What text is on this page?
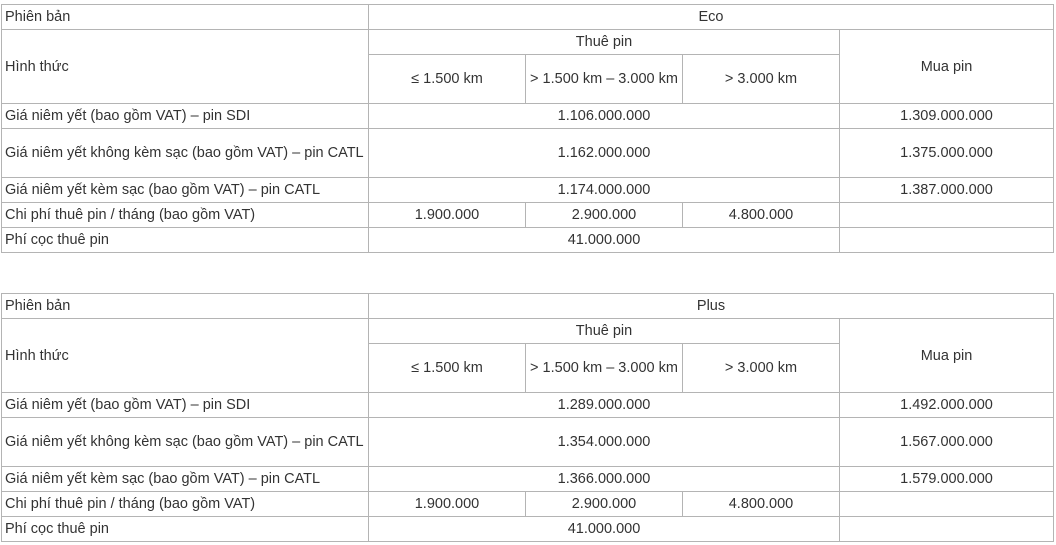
Phiên bản	Eco			
Hình thức	Thuê pin			Mua pin
	≤ 1.500 km	> 1.500 km – 3.000 km	> 3.000 km	
Giá niêm yết (bao gồm VAT) – pin SDI	1.106.000.000			1.309.000.000
Giá niêm yết không kèm sạc (bao gồm VAT) – pin CATL	1.162.000.000			1.375.000.000
Giá niêm yết kèm sạc (bao gồm VAT) – pin CATL	1.174.000.000			1.387.000.000
Chi phí thuê pin / tháng (bao gồm VAT)	1.900.000	2.900.000	4.800.000	
Phí cọc thuê pin	41.000.000			
Phiên bản	Plus			
Hình thức	Thuê pin			Mua pin
	≤ 1.500 km	> 1.500 km – 3.000 km	> 3.000 km	
Giá niêm yết (bao gồm VAT) – pin SDI	1.289.000.000			1.492.000.000
Giá niêm yết không kèm sạc (bao gồm VAT) – pin CATL	1.354.000.000			1.567.000.000
Giá niêm yết kèm sạc (bao gồm VAT) – pin CATL	1.366.000.000			1.579.000.000
Chi phí thuê pin / tháng (bao gồm VAT)	1.900.000	2.900.000	4.800.000	
Phí cọc thuê pin	41.000.000			
